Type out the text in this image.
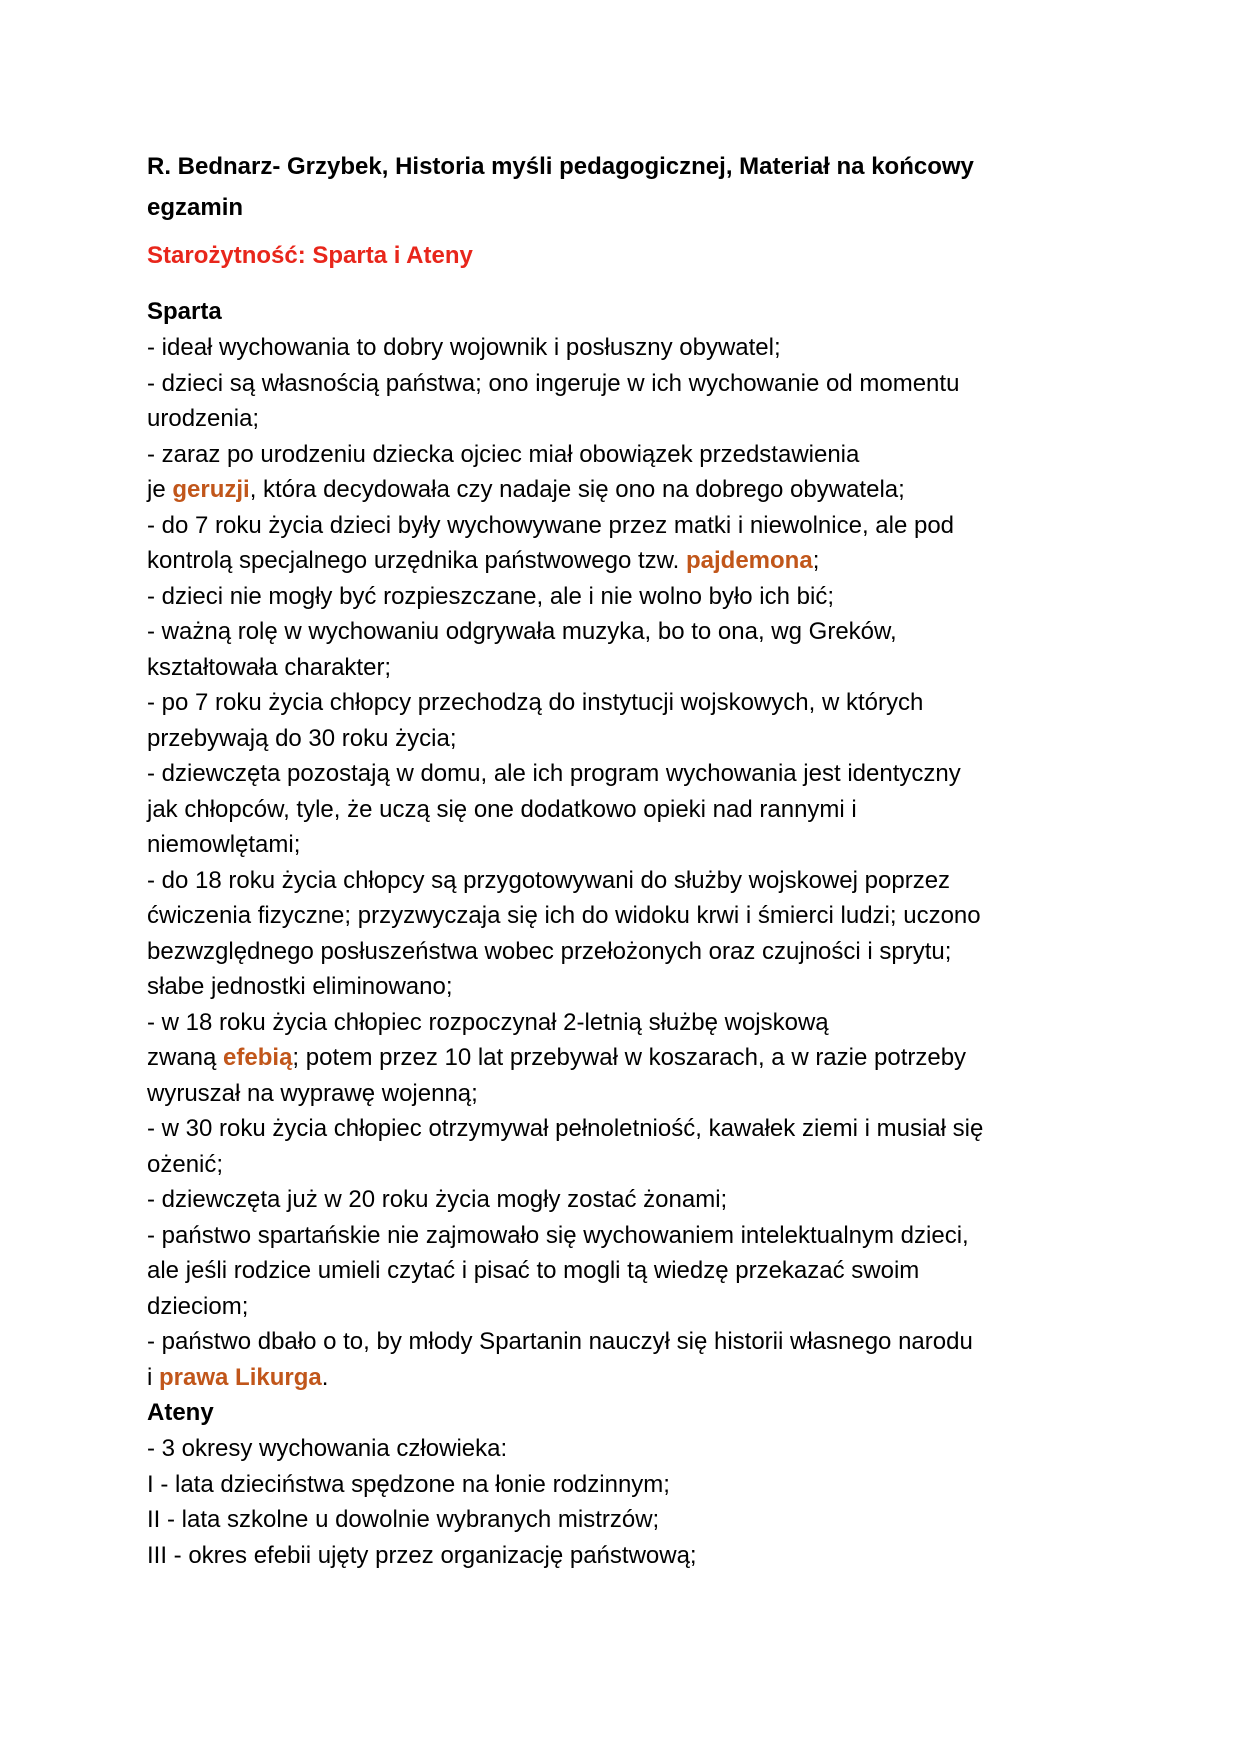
R. Bednarz- Grzybek, Historia myśli pedagogicznej, Materiał na końcowy
egzamin
Starożytność: Sparta i Ateny
Sparta
- ideał wychowania to dobry wojownik i posłuszny obywatel;
- dzieci są własnością państwa; ono ingeruje w ich wychowanie od momentu
urodzenia;
- zaraz po urodzeniu dziecka ojciec miał obowiązek przedstawienia
je geruzji, która decydowała czy nadaje się ono na dobrego obywatela;
- do 7 roku życia dzieci były wychowywane przez matki i niewolnice, ale pod
kontrolą specjalnego urzędnika państwowego tzw. pajdemona;
- dzieci nie mogły być rozpieszczane, ale i nie wolno było ich bić;
- ważną rolę w wychowaniu odgrywała muzyka, bo to ona, wg Greków,
kształtowała charakter;
- po 7 roku życia chłopcy przechodzą do instytucji wojskowych, w których
przebywają do 30 roku życia;
- dziewczęta pozostają w domu, ale ich program wychowania jest identyczny
jak chłopców, tyle, że uczą się one dodatkowo opieki nad rannymi i
niemowlętami;
- do 18 roku życia chłopcy są przygotowywani do służby wojskowej poprzez
ćwiczenia fizyczne; przyzwyczaja się ich do widoku krwi i śmierci ludzi; uczono
bezwzględnego posłuszeństwa wobec przełożonych oraz czujności i sprytu;
słabe jednostki eliminowano;
- w 18 roku życia chłopiec rozpoczynał 2-letnią służbę wojskową
zwaną efebią; potem przez 10 lat przebywał w koszarach, a w razie potrzeby
wyruszał na wyprawę wojenną;
- w 30 roku życia chłopiec otrzymywał pełnoletniość, kawałek ziemi i musiał się
ożenić;
- dziewczęta już w 20 roku życia mogły zostać żonami;
- państwo spartańskie nie zajmowało się wychowaniem intelektualnym dzieci,
ale jeśli rodzice umieli czytać i pisać to mogli tą wiedzę przekazać swoim
dzieciom;
- państwo dbało o to, by młody Spartanin nauczył się historii własnego narodu
i prawa Likurga.
Ateny
- 3 okresy wychowania człowieka:
I - lata dzieciństwa spędzone na łonie rodzinnym;
II - lata szkolne u dowolnie wybranych mistrzów;
III - okres efebii ujęty przez organizację państwową;
